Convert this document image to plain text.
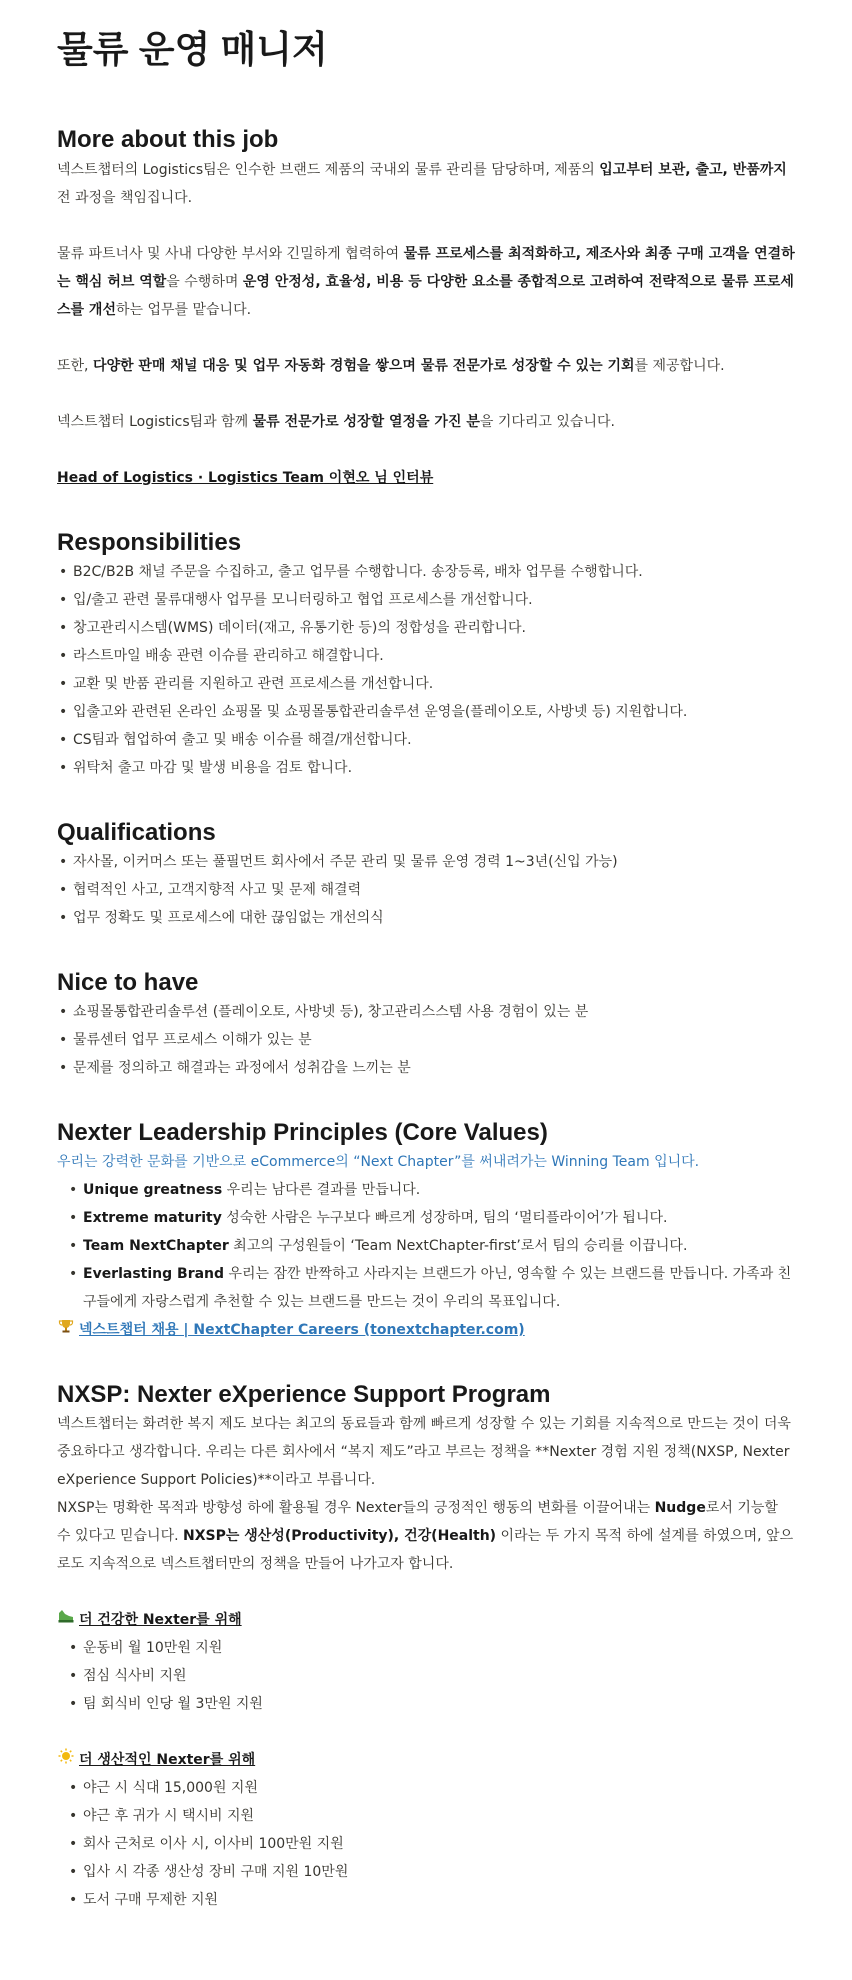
물류 운영 매니저
More about this job

넥스트챕터의 Logistics팀은 인수한 브랜드 제품의 국내외 물류 관리를 담당하며, 제품의 입고부터 보관, 출고, 반품까지 전 과정을 책임집니다.

물류 파트너사 및 사내 다양한 부서와 긴밀하게 협력하여 물류 프로세스를 최적화하고, 제조사와 최종 구매 고객을 연결하는 핵심 허브 역할을 수행하며 운영 안정성, 효율성, 비용 등 다양한 요소를 종합적으로 고려하여 전략적으로 물류 프로세스를 개선하는 업무를 맡습니다.

또한, 다양한 판매 채널 대응 및 업무 자동화 경험을 쌓으며 물류 전문가로 성장할 수 있는 기회를 제공합니다.

넥스트챕터 Logistics팀과 함께 물류 전문가로 성장할 열정을 가진 분을 기다리고 있습니다.

Head of Logistics · Logistics Team 이현오 님 인터뷰

Responsibilities
• B2C/B2B 채널 주문을 수집하고, 출고 업무를 수행합니다. 송장등록, 배차 업무를 수행합니다.
• 입/출고 관련 물류대행사 업무를 모니터링하고 협업 프로세스를 개선합니다.
• 창고관리시스템(WMS) 데이터(재고, 유통기한 등)의 정합성을 관리합니다.
• 라스트마일 배송 관련 이슈를 관리하고 해결합니다.
• 교환 및 반품 관리를 지원하고 관련 프로세스를 개선합니다.
• 입출고와 관련된 온라인 쇼핑몰 및 쇼핑몰통합관리솔루션 운영을(플레이오토, 사방넷 등) 지원합니다.
• CS팀과 협업하여 출고 및 배송 이슈를 해결/개선합니다.
• 위탁처 출고 마감 및 발생 비용을 검토 합니다.
Qualifications
• 자사몰, 이커머스 또는 풀필먼트 회사에서 주문 관리 및 물류 운영 경력 1~3년(신입 가능)
• 협력적인 사고, 고객지향적 사고 및 문제 해결력
• 업무 정확도 및 프로세스에 대한 끊임없는 개선의식
Nice to have
• 쇼핑몰통합관리솔루션 (플레이오토, 사방넷 등), 창고관리스스템 사용 경험이 있는 분
• 물류센터 업무 프로세스 이해가 있는 분
• 문제를 정의하고 해결과는 과정에서 성취감을 느끼는 분
Nexter Leadership Principles (Core Values)

우리는 강력한 문화를 기반으로 eCommerce의 “Next Chapter”를 써내려가는 Winning Team 입니다.

• Unique greatness 우리는 남다른 결과를 만듭니다.
• Extreme maturity 성숙한 사람은 누구보다 빠르게 성장하며, 팀의 ‘멀티플라이어’가 됩니다.
• Team NextChapter 최고의 구성원들이 ‘Team NextChapter-first’로서 팀의 승리를 이끕니다.
• Everlasting Brand 우리는 잠깐 반짝하고 사라지는 브랜드가 아닌, 영속할 수 있는 브랜드를 만듭니다. 가족과 친구들에게 자랑스럽게 추천할 수 있는 브랜드를 만드는 것이 우리의 목표입니다.

넥스트챕터 채용 | NextChapter Careers (tonextchapter.com)

NXSP: Nexter eXperience Support Program

넥스트챕터는 화려한 복지 제도 보다는 최고의 동료들과 함께 빠르게 성장할 수 있는 기회를 지속적으로 만드는 것이 더욱 중요하다고 생각합니다. 우리는 다른 회사에서 “복지 제도”라고 부르는 정책을 **Nexter 경험 지원 정책(NXSP, Nexter eXperience Support Policies)**이라고 부릅니다.

NXSP는 명확한 목적과 방향성 하에 활용될 경우 Nexter들의 긍정적인 행동의 변화를 이끌어내는 Nudge로서 기능할 수 있다고 믿습니다. NXSP는 생산성(Productivity), 건강(Health) 이라는 두 가지 목적 하에 설계를 하였으며, 앞으로도 지속적으로 넥스트챕터만의 정책을 만들어 나가고자 합니다.

더 건강한 Nexter를 위해

• 운동비 월 10만원 지원
• 점심 식사비 지원
• 팀 회식비 인당 월 3만원 지원

더 생산적인 Nexter를 위해

• 야근 시 식대 15,000원 지원
• 야근 후 귀가 시 택시비 지원
• 회사 근처로 이사 시, 이사비 100만원 지원
• 입사 시 각종 생산성 장비 구매 지원 10만원
• 도서 구매 무제한 지원
